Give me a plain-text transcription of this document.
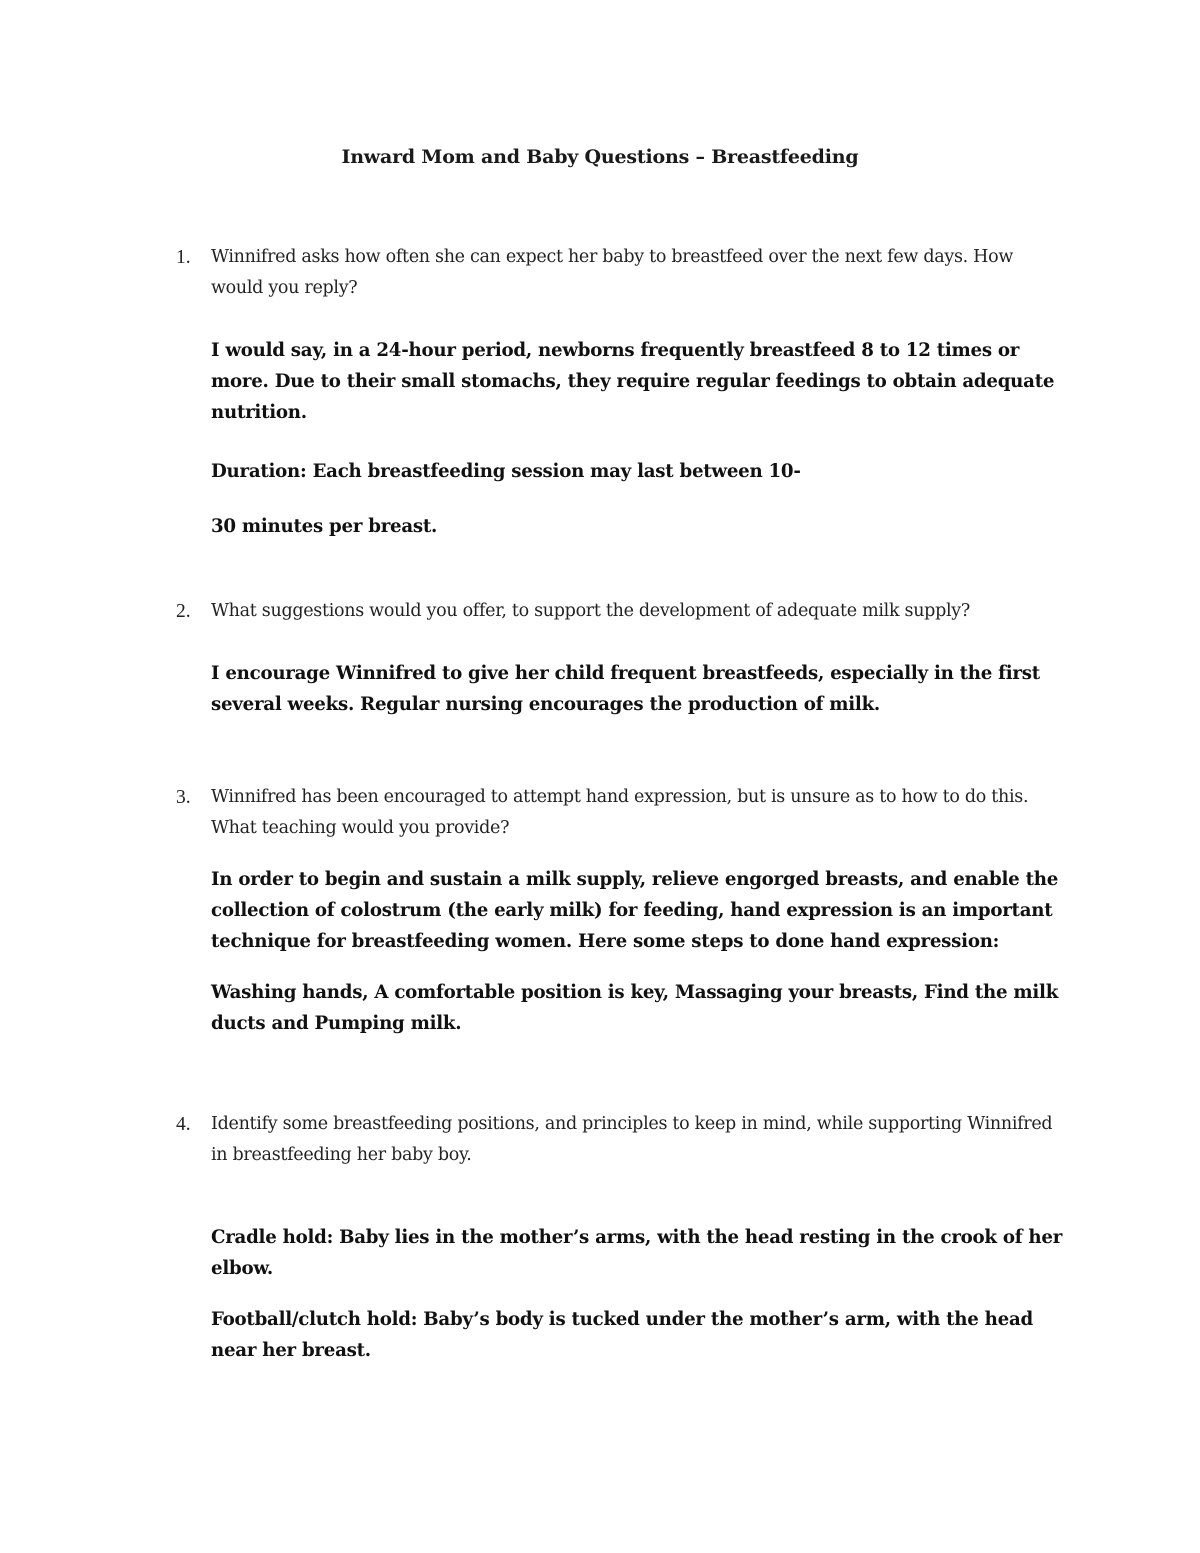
Inward Mom and Baby Questions – Breastfeeding
1.	Winnifred asks how often she can expect her baby to breastfeed over the next few days. How would you reply?
I would say, in a 24-hour period, newborns frequently breastfeed 8 to 12 times or more. Due to their small stomachs, they require regular feedings to obtain adequate nutrition.
Duration: Each breastfeeding session may last between 10-
30 minutes per breast.
2.	What suggestions would you offer, to support the development of adequate milk supply?
I encourage Winnifred to give her child frequent breastfeeds, especially in the first several weeks. Regular nursing encourages the production of milk.
3.	Winnifred has been encouraged to attempt hand expression, but is unsure as to how to do this. What teaching would you provide?
In order to begin and sustain a milk supply, relieve engorged breasts, and enable the collection of colostrum (the early milk) for feeding, hand expression is an important technique for breastfeeding women. Here some steps to done hand expression:
Washing hands, A comfortable position is key, Massaging your breasts, Find the milk ducts and Pumping milk.
4.	Identify some breastfeeding positions, and principles to keep in mind, while supporting Winnifred in breastfeeding her baby boy.
Cradle hold: Baby lies in the mother’s arms, with the head resting in the crook of her elbow.
Football/clutch hold: Baby’s body is tucked under the mother’s arm, with the head near her breast.
